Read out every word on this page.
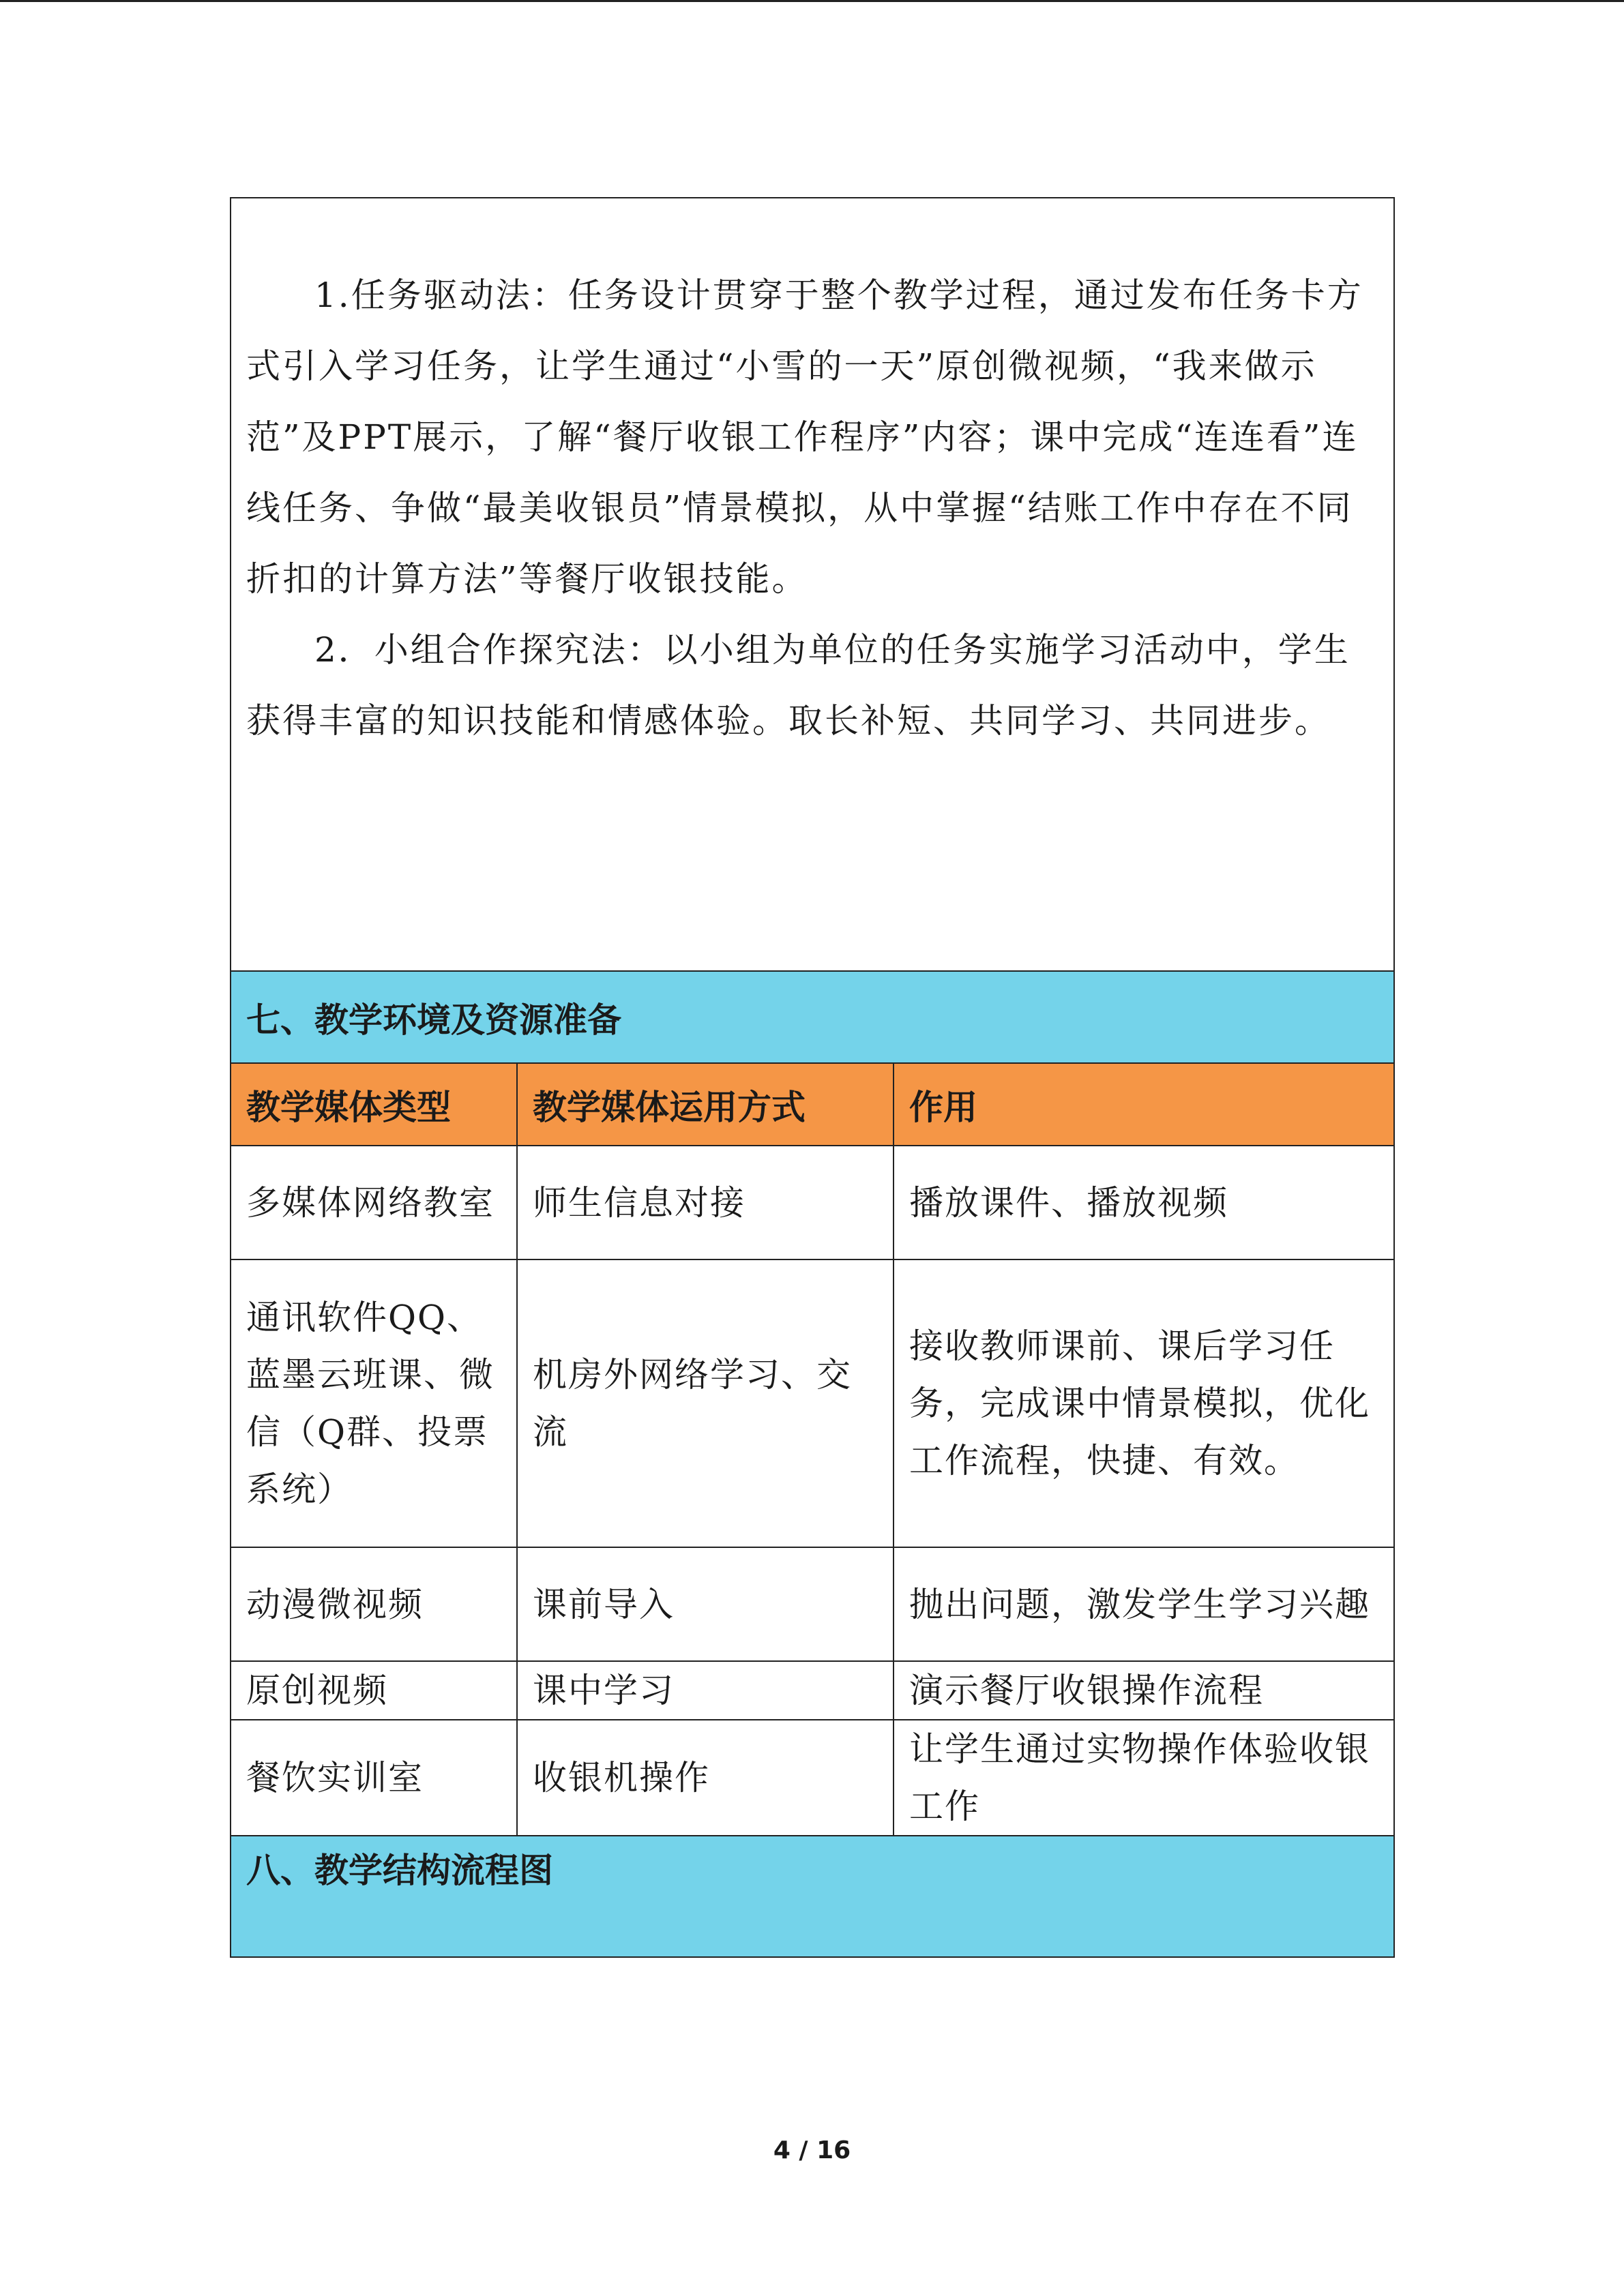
1.任务驱动法：任务设计贯穿于整个教学过程，通过发布任务卡方式引入学习任务，让学生通过“小雪的一天”原创微视频，“我来做示范”及PPT展示，了解“餐厅收银工作程序”内容；课中完成“连连看”连线任务、争做“最美收银员”情景模拟，从中掌握“结账工作中存在不同折扣的计算方法”等餐厅收银技能。

2．小组合作探究法：以小组为单位的任务实施学习活动中，学生获得丰富的知识技能和情感体验。取长补短、共同学习、共同进步。		

七、教学环境及资源准备		
教学媒体类型	教学媒体运用方式	作用
多媒体网络教室	师生信息对接	播放课件、播放视频
通讯软件QQ、蓝墨云班课、微信（Q群、投票系统）	机房外网络学习、交流	接收教师课前、课后学习任务，完成课中情景模拟，优化工作流程，快捷、有效。
动漫微视频	课前导入	抛出问题，激发学生学习兴趣
原创视频	课中学习	演示餐厅收银操作流程
餐饮实训室	收银机操作	让学生通过实物操作体验收银工作
八、教学结构流程图		
4 / 16
